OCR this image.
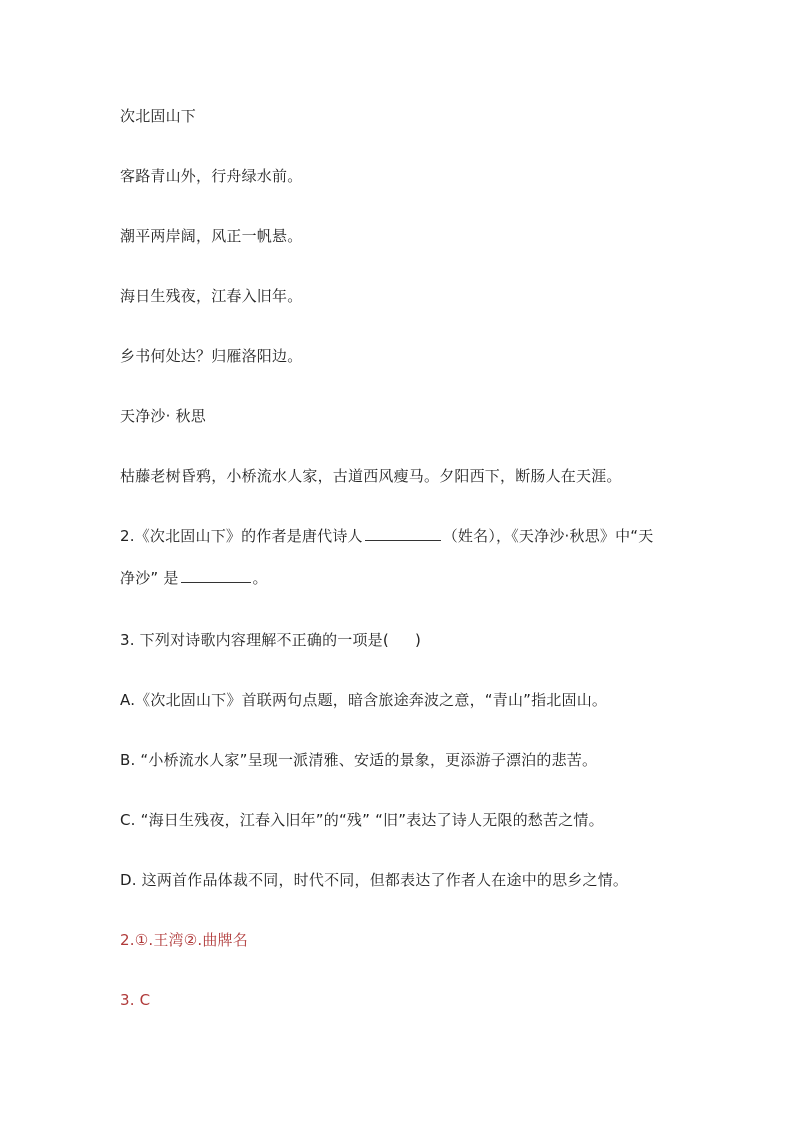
次北固山下
客路青山外，行舟绿水前。
潮平两岸阔，风正一帆悬。
海日生残夜，江春入旧年。
乡书何处达？归雁洛阳边。
天净沙· 秋思
枯藤老树昏鸦，小桥流水人家，古道西风瘦马。夕阳西下，断肠人在天涯。
2.《次北固山下》的作者是唐代诗人	（姓名），《天净沙·秋思》中“天
净沙” 是	。
3. 下列对诗歌内容理解不正确的一项是( )
A.《次北固山下》首联两句点题，暗含旅途奔波之意，“青山”指北固山。
B. “小桥流水人家”呈现一派清雅、安适的景象，更添游子漂泊的悲苦。
C. “海日生残夜，江春入旧年”的“残” “旧”表达了诗人无限的愁苦之情。
D. 这两首作品体裁不同，时代不同，但都表达了作者人在途中的思乡之情。
2.①.王湾②.曲牌名
3. C
